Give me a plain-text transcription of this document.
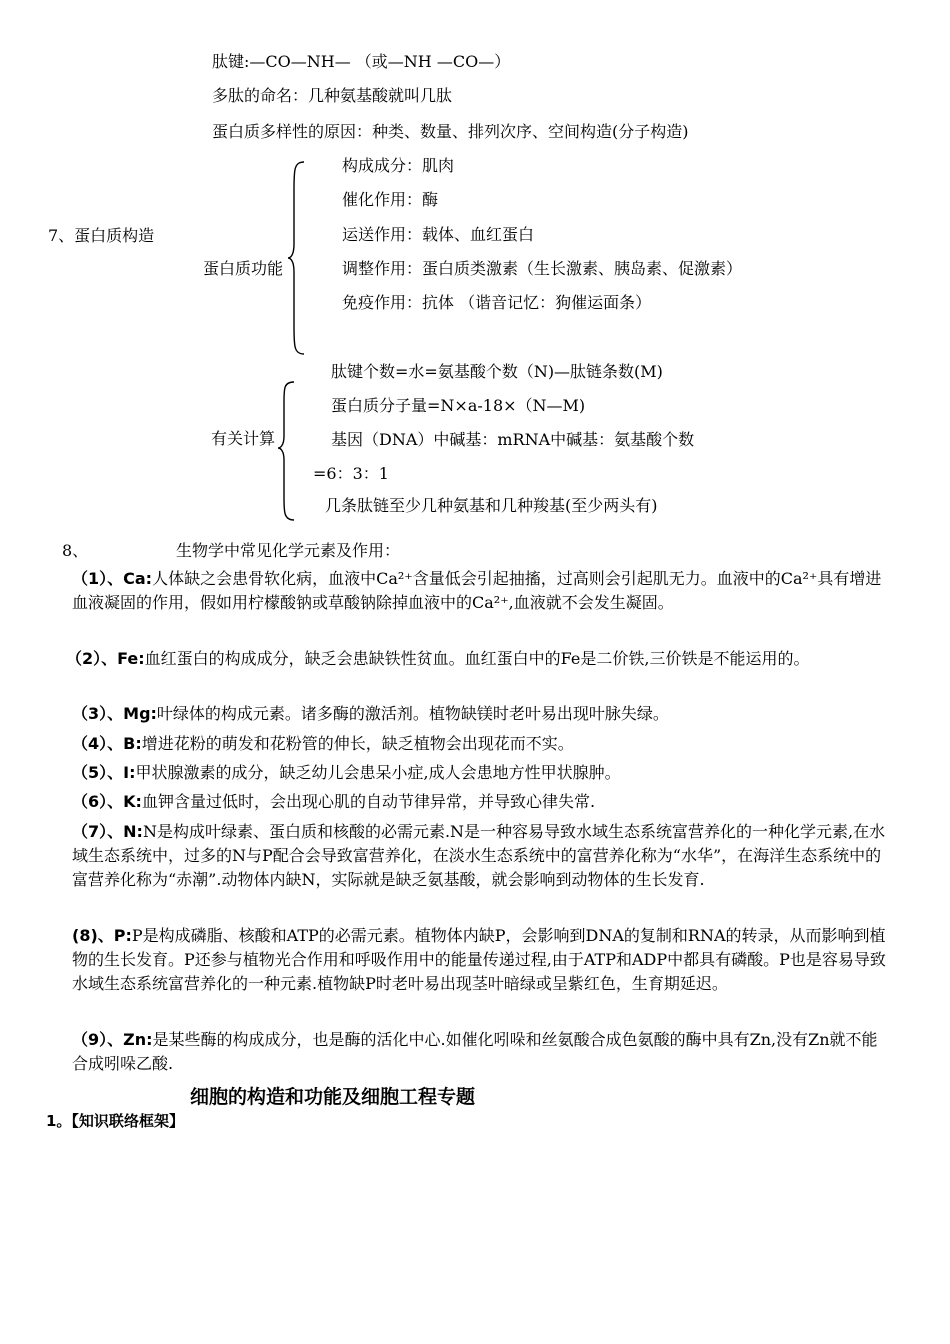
肽键:—CO—NH— （或—NH —CO—）
多肽的命名：几种氨基酸就叫几肽
蛋白质多样性的原因：种类、数量、排列次序、空间构造(分子构造)
7、蛋白质构造
蛋白质功能
构成成分：肌肉
催化作用：酶
运送作用：载体、血红蛋白
调整作用：蛋白质类激素（生长激素、胰岛素、促激素）
免疫作用：抗体 （谐音记忆：狗催运面条）
有关计算
肽键个数=水=氨基酸个数（N)—肽链条数(M)
蛋白质分子量=N×a-18×（N—M)
基因（DNA）中碱基：mRNA中碱基：氨基酸个数
=6：3：1
几条肽链至少几种氨基和几种羧基(至少两头有)
8、	生物学中常见化学元素及作用：
（1）、Ca:人体缺之会患骨软化病，血液中Ca²⁺含量低会引起抽搐，过高则会引起肌无力。血液中的Ca²⁺具有增进血液凝固的作用，假如用柠檬酸钠或草酸钠除掉血液中的Ca²⁺,血液就不会发生凝固。
（2）、Fe:血红蛋白的构成成分，缺乏会患缺铁性贫血。血红蛋白中的Fe是二价铁,三价铁是不能运用的。
（3）、Mg:叶绿体的构成元素。诸多酶的激活剂。植物缺镁时老叶易出现叶脉失绿。
（4）、B:增进花粉的萌发和花粉管的伸长，缺乏植物会出现花而不实。
（5）、I:甲状腺激素的成分，缺乏幼儿会患呆小症,成人会患地方性甲状腺肿。
（6）、K:血钾含量过低时，会出现心肌的自动节律异常，并导致心律失常.
（7）、N:N是构成叶绿素、蛋白质和核酸的必需元素.N是一种容易导致水域生态系统富营养化的一种化学元素,在水域生态系统中，过多的N与P配合会导致富营养化，在淡水生态系统中的富营养化称为“水华”，在海洋生态系统中的富营养化称为“赤潮”.动物体内缺N，实际就是缺乏氨基酸，就会影响到动物体的生长发育.
(8)、P:P是构成磷脂、核酸和ATP的必需元素。植物体内缺P，会影响到DNA的复制和RNA的转录，从而影响到植物的生长发育。P还参与植物光合作用和呼吸作用中的能量传递过程,由于ATP和ADP中都具有磷酸。P也是容易导致水域生态系统富营养化的一种元素.植物缺P时老叶易出现茎叶暗绿或呈紫红色，生育期延迟。
（9）、Zn:是某些酶的构成成分，也是酶的活化中心.如催化吲哚和丝氨酸合成色氨酸的酶中具有Zn,没有Zn就不能合成吲哚乙酸.
细胞的构造和功能及细胞工程专题
1。【知识联络框架】
